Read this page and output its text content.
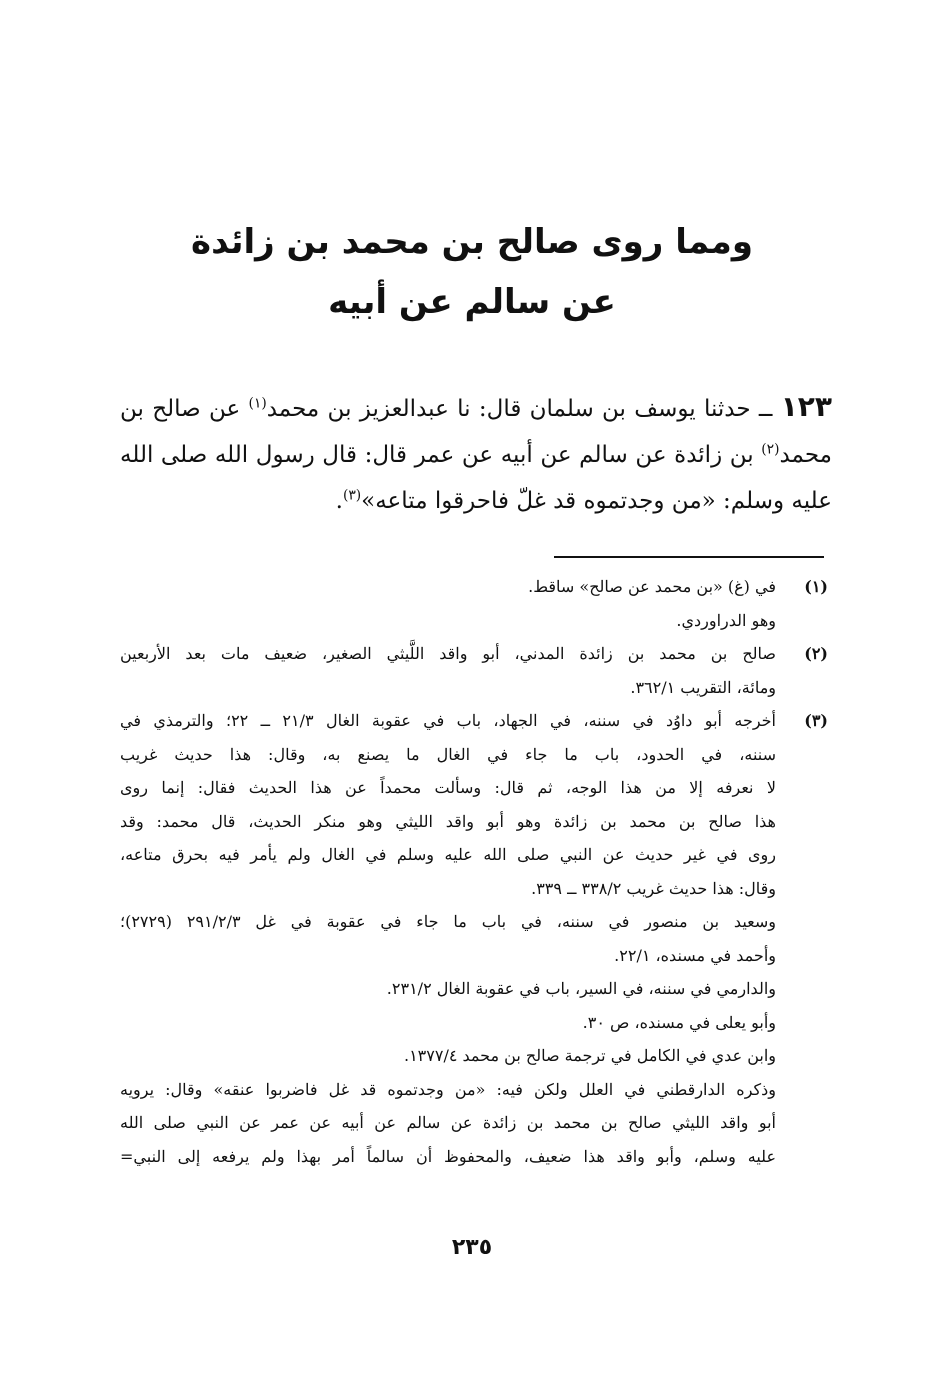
ومما روى صالح بن محمد بن زائدة
عن سالم عن أبيه
١٢٣ ــ حدثنا يوسف بن سلمان قال: نا عبدالعزيز بن محمد$^{(١)}$ عن صالح بن محمد$^{(٢)}$ بن زائدة عن سالم عن أبيه عن عمر قال: قال رسول الله صلى الله عليه وسلم: «من وجدتموه قد غلّ فاحرقوا متاعه»$^{(٣)}$.
(١)
في (غ) «بن محمد عن صالح» ساقط.
وهو الدراوردي.
(٢)
صالح بن محمد بن زائدة المدني، أبو واقد اللَّيثي الصغير، ضعيف مات بعد الأربعين
ومائة، التقريب ٣٦٢/١.
(٣)
أخرجه أبو داوُد في سننه، في الجهاد، باب في عقوبة الغال ٢١/٣ ــ ٢٢؛ والترمذي في
سننه، في الحدود، باب ما جاء في الغال ما يصنع به، وقال: هذا حديث غريب
لا نعرفه إلا من هذا الوجه، ثم قال: وسألت محمداً عن هذا الحديث فقال: إنما روى
هذا صالح بن محمد بن زائدة وهو أبو واقد الليثي وهو منكر الحديث، قال محمد: وقد
روى في غير حديث عن النبي صلى الله عليه وسلم في الغال ولم يأمر فيه بحرق متاعه،
وقال: هذا حديث غريب ٣٣٨/٢ ــ ٣٣٩.
وسعيد بن منصور في سننه، في باب ما جاء في عقوبة في غل ٢٩١/٢/٣ (٢٧٢٩)؛
وأحمد في مسنده، ٢٢/١.
والدارمي في سننه، في السير، باب في عقوبة الغال ٢٣١/٢.
وأبو يعلى في مسنده، ص ٣٠.
وابن عدي في الكامل في ترجمة صالح بن محمد ١٣٧٧/٤.
وذكره الدارقطني في العلل ولكن فيه: «من وجدتموه قد غل فاضربوا عنقه» وقال: يرويه
أبو واقد الليثي صالح بن محمد بن زائدة عن سالم عن أبيه عن عمر عن النبي صلى الله
عليه وسلم، وأبو واقد هذا ضعيف، والمحفوظ أن سالماً أمر بهذا ولم يرفعه إلى النبي=
٢٣٥
